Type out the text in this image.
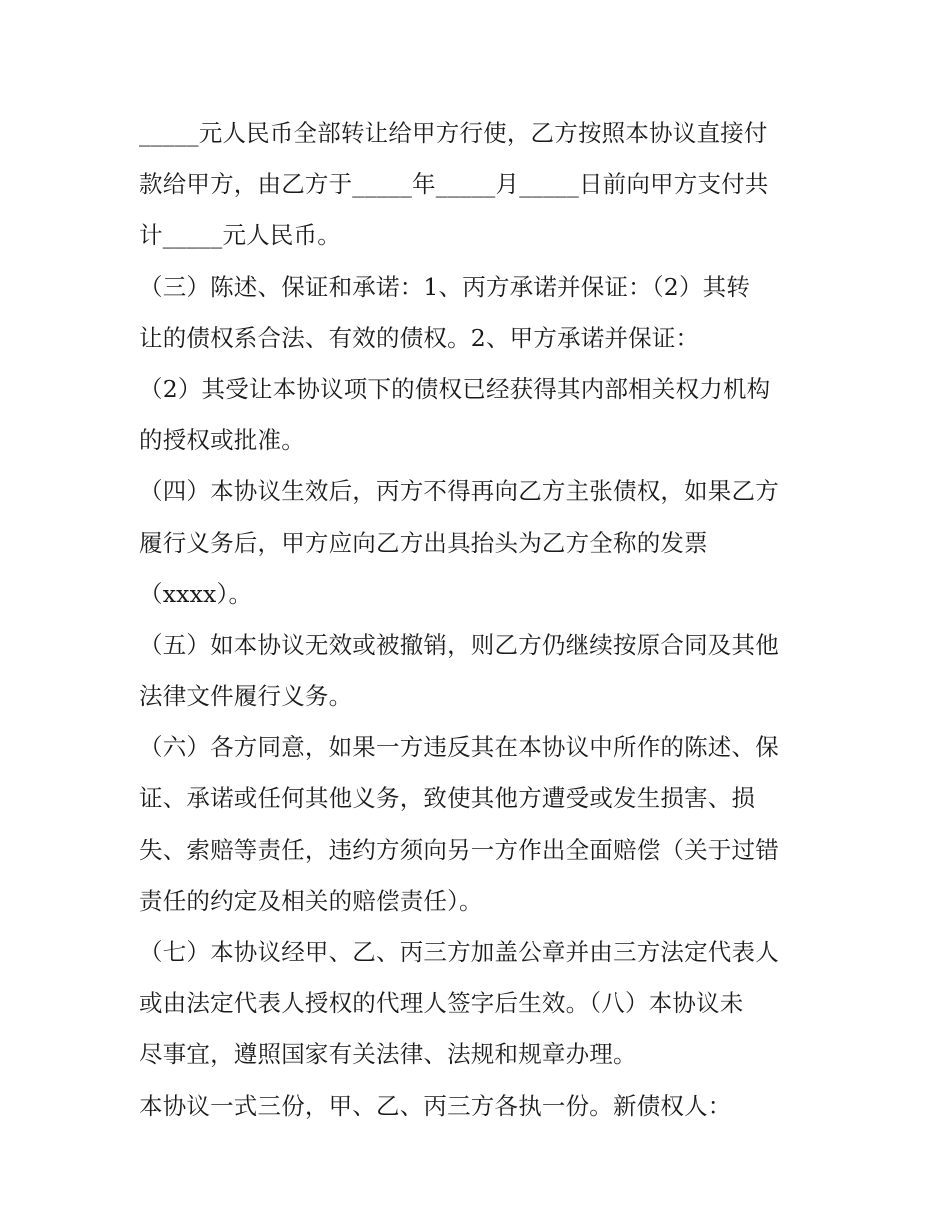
_____元人民币全部转让给甲方行使，乙方按照本协议直接付
款给甲方，由乙方于_____年_____月_____日前向甲方支付共
计_____元人民币。
（三）陈述、保证和承诺：1、丙方承诺并保证：（2）其转
让的债权系合法、有效的债权。2、甲方承诺并保证：
（2）其受让本协议项下的债权已经获得其内部相关权力机构
的授权或批准。
（四）本协议生效后，丙方不得再向乙方主张债权，如果乙方
履行义务后，甲方应向乙方出具抬头为乙方全称的发票
（xxxx）。
（五）如本协议无效或被撤销，则乙方仍继续按原合同及其他
法律文件履行义务。
（六）各方同意，如果一方违反其在本协议中所作的陈述、保
证、承诺或任何其他义务，致使其他方遭受或发生损害、损
失、索赔等责任，违约方须向另一方作出全面赔偿（关于过错
责任的约定及相关的赔偿责任）。
（七）本协议经甲、乙、丙三方加盖公章并由三方法定代表人
或由法定代表人授权的代理人签字后生效。（八）本协议未
尽事宜，遵照国家有关法律、法规和规章办理。
本协议一式三份，甲、乙、丙三方各执一份。新债权人：
